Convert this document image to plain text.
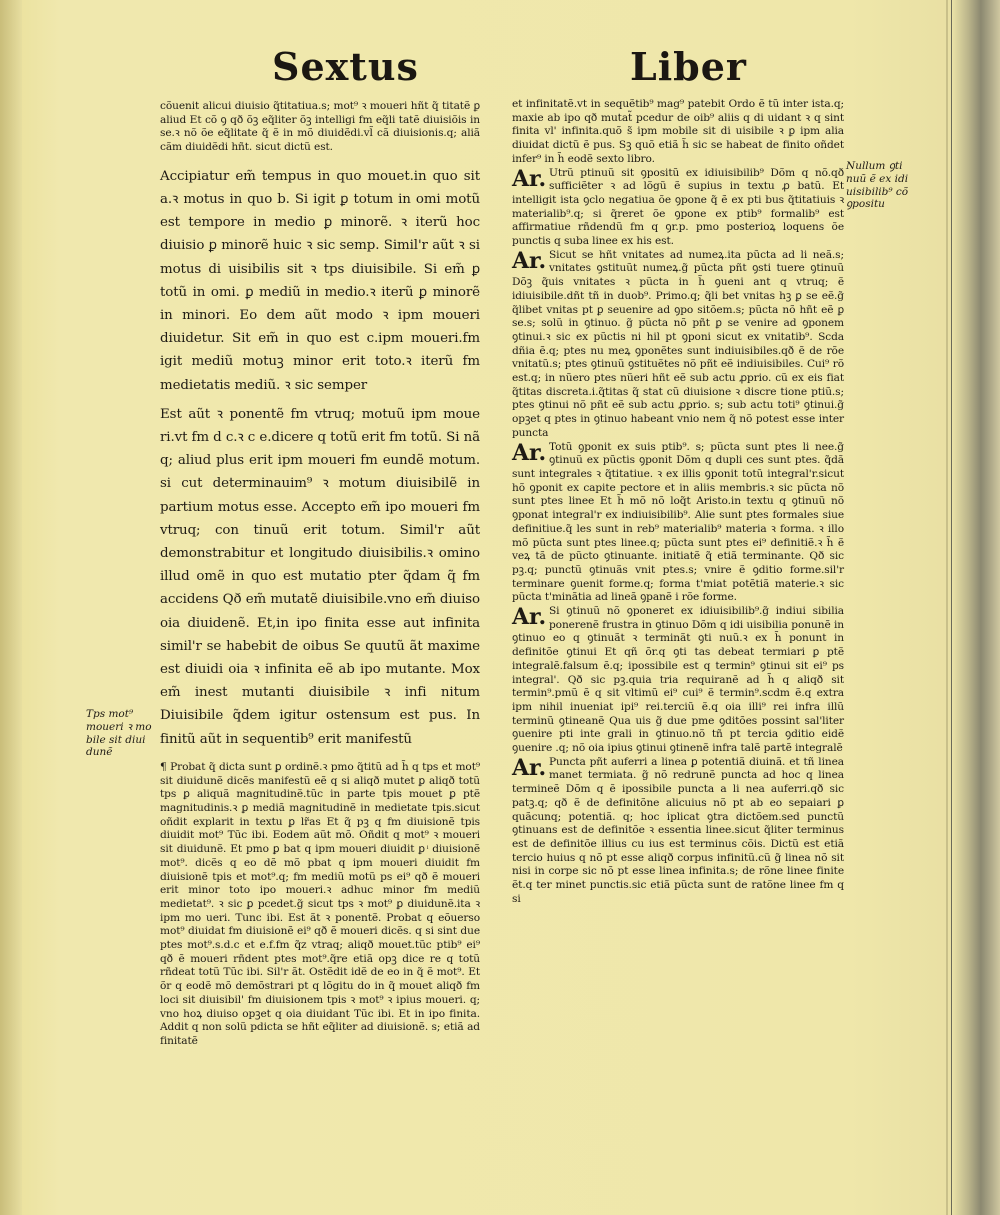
Sextus	Liber

cõuenit alicui diuisio q̃titatiua.s; mot⁹ ꝛ moueri hñt q̃ titatẽ ꝑ aliud Et cõ ꝯ qð õꝫ eq̃liter õꝫ intelligi fm eq̃li tatẽ diuisiõis in se.ꝛ nõ õe eq̃litate q̃ ẽ in mõ diuidẽdi.vl̃ cã diuisionis.q; aliã cãm diuidẽdi hñt. sicut dictũ est.

Accipiatur em̃ tempus in quo mouet.in quo sit a.ꝛ motus in quo b. Si igit ꝑ totum in omi motũ est tempore in medio ꝑ minorẽ. ꝛ iterũ hoc diuisio ꝑ minorẽ huic ꝛ sic semp. Simil'r aũt ꝛ si motus di uisibilis sit ꝛ tps diuisibile. Si em̃ ꝑ totũ in omi. ꝑ mediũ in medio.ꝛ iterũ ꝑ minorẽ in minori. Eo dem aũt modo ꝛ ipm moueri diuidetur. Sit em̃ in quo est c.ipm moueri.fm igit mediũ motuꝫ minor erit toto.ꝛ iterũ fm medietatis mediũ. ꝛ sic semper

Est aũt ꝛ ponentẽ fm vtruq; motuũ ipm moue ri.vt fm d c.ꝛ c e.dicere q totũ erit fm totũ. Si nã q; aliud plus erit ipm moueri fm eundẽ motum. si cut determinauim⁹ ꝛ motum diuisibilẽ in partium motus esse. Accepto em̃ ipo moueri fm vtruq; con tinuũ erit totum. Simil'r aũt demonstrabitur et longitudo diuisibilis.ꝛ omino illud omẽ in quo est mutatio pter q̃dam q̃ fm accidens Qð em̃ mutatẽ diuisibile.vno em̃ diuiso oia diuidenẽ. Et,in ipo finita esse aut infinita simil'r se habebit de oibus Se quutũ ãt maxime est diuidi oia ꝛ infinita eẽ ab ipo mutante. Mox em̃ inest mutanti diuisibile ꝛ infi nitum Diuisibile q̃dem igitur ostensum est pus. In finitũ aũt in sequentib⁹ erit manifestũ

¶ Probat q̃ dicta sunt ꝑ ordinẽ.ꝛ pmo q̃titũ ad h̃ q tps et mot⁹ sit diuidunẽ dicẽs manifestũ eẽ q si aliqð mutet ꝑ aliqð totũ tps ꝑ aliquã magnitudinẽ.tũc in parte tpis mouet ꝑ ptẽ magnitudinis.ꝛ ꝑ mediã magnitudinẽ in medietate tpis.sicut oñdit explarit in textu ꝑ lr̃as Et q̃ pꝫ q fm diuisionẽ tpis diuidit mot⁹ Tũc ibi. Eodem aũt mõ. Oñdit q mot⁹ ꝛ moueri sit diuidunẽ. Et pmo ꝑ bat q ipm moueri diuidit ꝑ ͥ diuisionẽ mot⁹. dicẽs q eo dẽ mõ pbat q ipm moueri diuidit fm diuisionẽ tpis et mot⁹.q; fm mediũ motũ ps ei⁹ qð ẽ moueri erit minor toto ipo moueri.ꝛ adhuc minor fm mediũ medietat⁹. ꝛ sic ꝑ pcedet.g̃ sicut tps ꝛ mot⁹ ꝑ diuidunẽ.ita ꝛ ipm mo ueri. Tunc ibi. Est ãt ꝛ ponentẽ. Probat q eõuerso mot⁹ diuidat fm diuisionẽ ei⁹ qð ẽ moueri dicẽs. q si sint due ptes mot⁹.s.d.c et e.f.fm q̃z vtraq; aliqð mouet.tũc ptib⁹ ei⁹ qð ẽ moueri rñdent ptes mot⁹.q̃re etiã opꝫ dice re q totũ rñdeat totũ Tũc ibi. Sil'r ãt. Ostẽdit idẽ de eo in q̃ ẽ mot⁹. Et õr q eodẽ mõ demõstrari pt q lõgitu do in q̃ mouet aliqð fm loci sit diuisibil' fm diuisionem tpis ꝛ mot⁹ ꝛ ipius moueri. q; vno hoꝝ diuiso opꝫet q oia diuidant Tũc ibi. Et in ipo finita. Addit q non solũ pdicta se hñt eq̃liter ad diuisionẽ. s; etiã ad finitatẽ

et infinitatẽ.vt in sequẽtib⁹ mag⁹ patebit Ordo ẽ tũ inter ista.q; maxie ab ipo qð mutat̃ pcedur de oib⁹ aliis q di uidant ꝛ q sint finita vl' infinita.quõ s̃ ipm mobile sit di uisibile ꝛ ꝑ ipm alia diuidat dictũ ẽ pus. Sꝫ quõ etiã h̃ sic se habeat de finito oñdet infer⁹ in h̃ eodẽ sexto libro.

Ar. Utrũ ptinuũ sit ꝯpositũ ex idiuisibilib⁹ Dõm q nõ.qð sufficiẽter ꝛ ad lõgũ ẽ supius in textu ꝓ batũ. Et intelligit ista ꝯclo negatiua õe ꝯpone q̃ ẽ ex pti bus q̃titatiuis ꝛ materialib⁹.q; si q̃reret õe ꝯpone ex ptib⁹ formalib⁹ est affirmatiue rñdendũ fm q ꝯr.p. pmo posterioꝝ loquens õe punctis q suba linee ex his est.

Ar. Sicut se hñt vnitates ad numeꝝ.ita pũcta ad li neã.s; vnitates ꝯstituũt numeꝝ.g̃ pũcta pñt ꝯsti tuere ꝯtinuũ Dõꝫ q̃uis vnitates ꝛ pũcta in h̃ ꝯueni ant q vtruq; ẽ idiuisibile.dñt tñ in duob⁹. Primo.q; q̃li bet vnitas hꝫ ꝑ se eẽ.g̃ q̃libet vnitas pt ꝑ seuenire ad ꝯpo sitõem.s; pũcta nõ hñt eẽ ꝑ se.s; solũ in ꝯtinuo. g̃ pũcta nõ pñt ꝑ se venire ad ꝯponem ꝯtinui.ꝛ sic ex pũctis ni hil pt ꝯponi sicut ex vnitatib⁹. Scda dñia ẽ.q; ptes nu meꝝ ꝯponẽtes sunt indiuisibiles.qð ẽ de rõe vnitatũ.s; ptes ꝯtinuũ ꝯstituẽtes nõ pñt eẽ indiuisibiles. Cui⁹ rõ est.q; in nũero ptes nũeri hñt eẽ sub actu ꝓprio. cũ ex eis fiat q̃titas discreta.i.q̃titas q̃ stat cũ diuisione ꝛ discre tione ptiũ.s; ptes ꝯtinui nõ pñt eẽ sub actu ꝓprio. s; sub actu toti⁹ ꝯtinui.g̃ opꝫet q ptes in ꝯtinuo habeant vnio nem q̃ nõ potest esse inter puncta

Ar. Totũ ꝯponit ex suis ptib⁹. s; pũcta sunt ptes li nee.g̃ ꝯtinuũ ex pũctis ꝯponit Dõm q dupli ces sunt ptes. q̃dã sunt integrales ꝛ q̃titatiue. ꝛ ex illis ꝯponit totũ integral'r.sicut hõ ꝯponit ex capite pectore et in aliis membris.ꝛ sic pũcta nõ sunt ptes linee Et h̃ mõ nõ loq̃t Aristo.in textu q ꝯtinuũ nõ ꝯponat integral'r ex indiuisibilib⁹. Alie sunt ptes formales siue definitiue.q̃ les sunt in reb⁹ materialib⁹ materia ꝛ forma. ꝛ illo mõ pũcta sunt ptes linee.q; pũcta sunt ptes ei⁹ definitiẽ.ꝛ h̃ ẽ veꝝ tã de pũcto ꝯtinuante. initiatẽ q̃ etiã terminante. Qð sic pꝫ.q; punctũ ꝯtinuãs vnit ptes.s; vnire ẽ ꝯditio forme.sil'r terminare ꝯuenit forme.q; forma t'miat potẽtiã materie.ꝛ sic pũcta t'minãtia ad lineã ꝯpanẽ i rõe forme.

Ar. Si ꝯtinuũ nõ ꝯponeret ex idiuisibilib⁹.g̃ indiui sibilia ponerenẽ frustra in ꝯtinuo Dõm q idi uisibilia ponunẽ in ꝯtinuo eo q ꝯtinuãt ꝛ terminãt ꝯti nuũ.ꝛ ex h̃ ponunt in definitõe ꝯtinui Et qñ õr.q ꝯti tas debeat termiari ꝑ ptẽ integralẽ.falsum ẽ.q; ipossibile est q termin⁹ ꝯtinui sit ei⁹ ps integral'. Qð sic pꝫ.quia tria requiranẽ ad h̃ q aliqð sit termin⁹.pmũ ẽ q sit vltimũ ei⁹ cui⁹ ẽ termin⁹.scdm ẽ.q extra ipm nihil inueniat ipi⁹ rei.terciũ ẽ.q oia illi⁹ rei infra illũ terminũ ꝯtineanẽ Qua uis g̃ due pme ꝯditões possint sal'liter ꝯuenire pti inte grali in ꝯtinuo.nõ tñ pt tercia ꝯditio eidẽ ꝯuenire .q; nõ oia ipius ꝯtinui ꝯtinenẽ infra talẽ partẽ integralẽ

Ar. Puncta pñt auferri a linea ꝑ potentiã diuinã. et tñ linea manet termiata. g̃ nõ redrunẽ puncta ad hoc q linea termineẽ Dõm q ẽ ipossibile puncta a li nea auferri.qð sic patꝫ.q; qð ẽ de definitõne alicuius nõ pt ab eo sepaiari ꝑ quãcunq; potentiã. q; hoc iplicat ꝯtra dictõem.sed punctũ ꝯtinuans est de definitõe ꝛ essentia linee.sicut q̃liter terminus est de definitõe illius cu ius est terminus cõis. Dictũ est etiã tercio huius q nõ pt esse aliqð corpus infinitũ.cũ g̃ linea nõ sit nisi in corpe sic nõ pt esse linea infinita.s; de rõne linee finite ẽt.q ter minet punctis.sic etiã pũcta sunt de ratõne linee fm q si

Tps mot⁹ moueri ꝛ mo bile sit diui dunẽ
Nullum ꝯti nuũ ẽ ex idi uisibilib⁹ cõ ꝯpositu
